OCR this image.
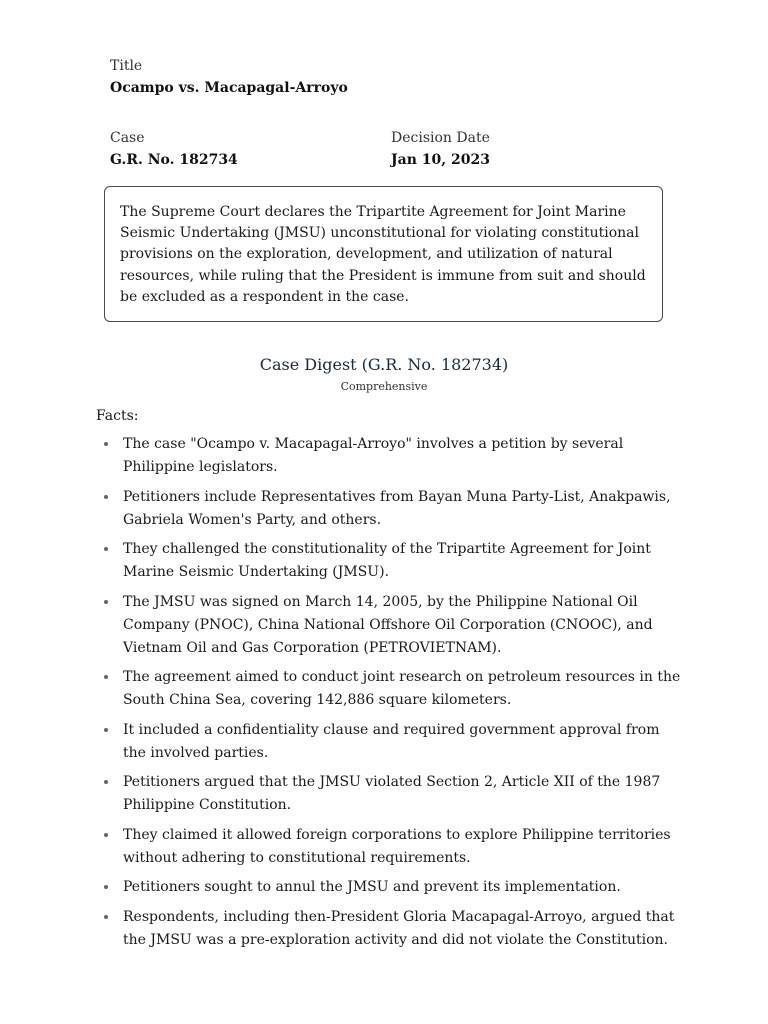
Title
Ocampo vs. Macapagal-Arroyo
Case
G.R. No. 182734
Decision Date
Jan 10, 2023

The Supreme Court declares the Tripartite Agreement for Joint Marine Seismic Undertaking (JMSU) unconstitutional for violating constitutional provisions on the exploration, development, and utilization of natural resources, while ruling that the President is immune from suit and should be excluded as a respondent in the case.

Case Digest (G.R. No. 182734)
Comprehensive
Facts:
The case "Ocampo v. Macapagal-Arroyo" involves a petition by several Philippine legislators.
Petitioners include Representatives from Bayan Muna Party-List, Anakpawis, Gabriela Women's Party, and others.
They challenged the constitutionality of the Tripartite Agreement for Joint Marine Seismic Undertaking (JMSU).
The JMSU was signed on March 14, 2005, by the Philippine National Oil Company (PNOC), China National Offshore Oil Corporation (CNOOC), and Vietnam Oil and Gas Corporation (PETROVIETNAM).
The agreement aimed to conduct joint research on petroleum resources in the South China Sea, covering 142,886 square kilometers.
It included a confidentiality clause and required government approval from the involved parties.
Petitioners argued that the JMSU violated Section 2, Article XII of the 1987 Philippine Constitution.
They claimed it allowed foreign corporations to explore Philippine territories without adhering to constitutional requirements.
Petitioners sought to annul the JMSU and prevent its implementation.
Respondents, including then-President Gloria Macapagal-Arroyo, argued that the JMSU was a pre-exploration activity and did not violate the Constitution.
